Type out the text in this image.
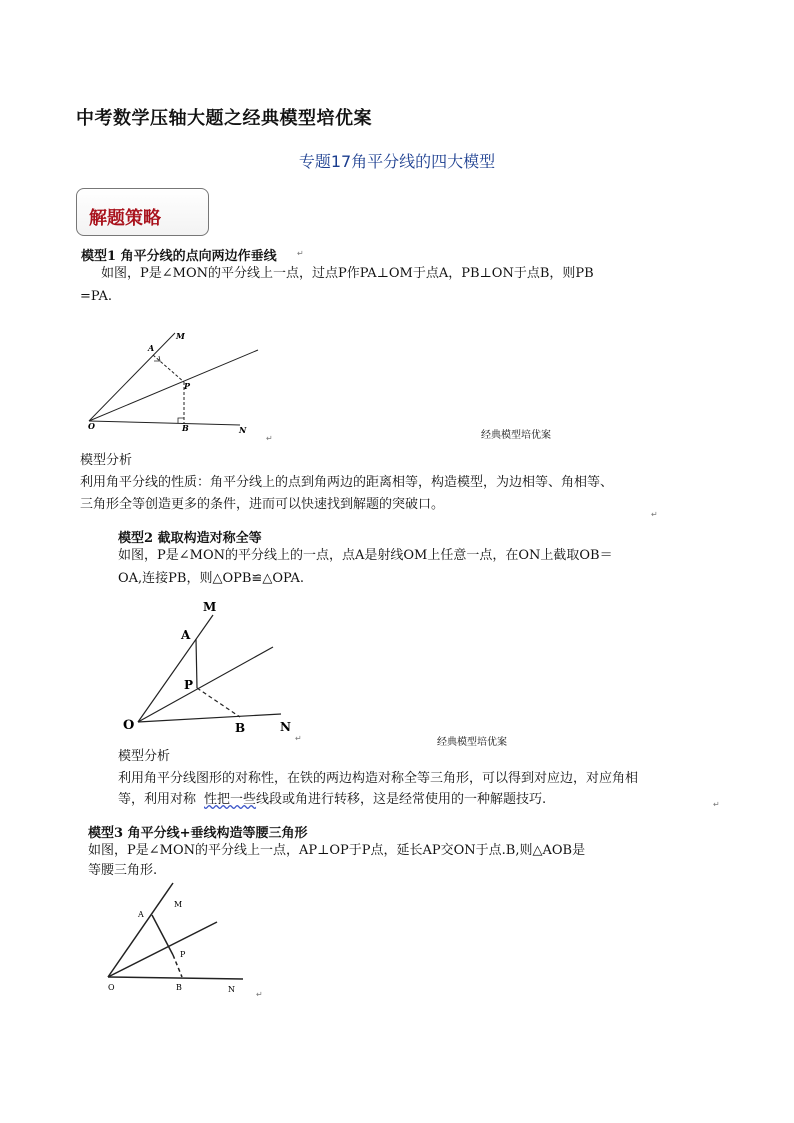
中考数学压轴大题之经典模型培优案
专题17角平分线的四大模型
解题策略
模型1 角平分线的点向两边作垂线	↵
如图，P是∠MON的平分线上一点，过点P作PA⊥OM于点A，PB⊥ON于点B，则PB
=PA.
M
A
P
O	B	N
↵	经典模型培优案
模型分析
利用角平分线的性质：角平分线上的点到角两边的距离相等，构造模型，为边相等、角相等、
三角形全等创造更多的条件，进而可以快速找到解题的突破口。
↵
模型2 截取构造对称全等
如图，P是∠MON的平分线上的一点，点A是射线OM上任意一点，在ON上截取OB＝
OA,连接PB，则△OPB≌△OPA.
M
A
P
O	B	N
↵	经典模型培优案
模型分析
利用角平分线图形的对称性，在铁的两边构造对称全等三角形，可以得到对应边，对应角相
等，利用对称 性把一些线段或角进行转移，这是经常使用的一种解题技巧.	↵
模型3 角平分线+垂线构造等腰三角形
如图，P是∠MON的平分线上一点，AP⊥OP于P点，延长AP交ON于点.B,则△AOB是
等腰三角形.
M
A
P
O	B	N
↵
